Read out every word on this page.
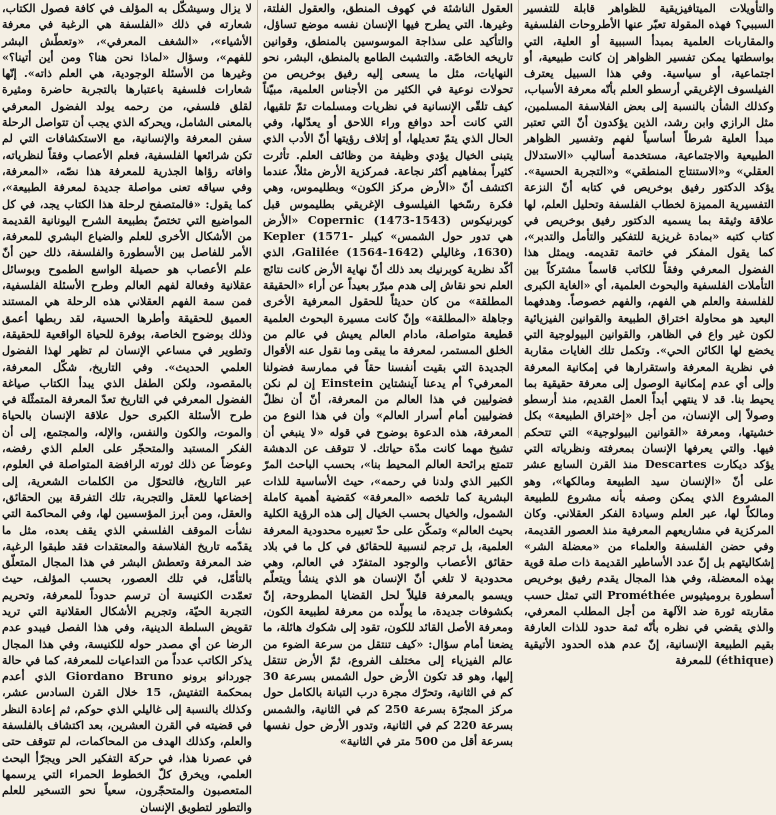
والتأويلات الميتافيزيقية للظواهر قابلة للتفسير السببي؟ فهذه المقولة تعبّر عنها الأطروحات الفلسفية والمقاربات العلمية بمبدأ السببية أو العلية، التي بواسطتها يمكن تفسير الظواهر إن كانت طبيعية، أو اجتماعية، أو سياسية. وفي هذا السبيل يعترف الفيلسوف الإغريقي أرسطو العلم بأنّه معرفة الأسباب، وكذلك الشأن بالنسبة إلى بعض الفلاسفة المسلمين، مثل الرازي وابن رشد، الذين يؤكدون أنّ التي تعتبر مبدأ العلية شرطاً أساسياً لفهم وتفسير الظواهر الطبيعية والاجتماعية، مستخدمة أساليب «الاستدلال العقلي» و«الاستنتاج المنطقي» و«التجربة الحسية». يؤكد الدكتور رفيق بوخريص في كتابه أنّ النزعة التفسيرية المميزة لخطاب الفلسفة وتحليل العلم، لها علاقة وثيقة بما يسميه الدكتور رفيق بوخريص في كتاب كتبه «بمادة غريزية للتفكير والتأمل والتدبر»، كما يقول المفكر في خاتمة تقديمه. ويمثل هذا الفضول المعرفي وفقاً للكاتب قاسماً مشتركاً بين التأملات الفلسفية والبحوث العلمية، أي «الغاية الكبرى للفلسفة والعلم هي الفهم، والفهم خصوصاً. وهدفهما البعيد هو محاولة اختراق الطبيعة والقوانين الفيزيائية لكون غير واع في الظاهر، والقوانين البيولوجية التي يخضع لها الكائن الحي». وتكمل تلك الغايات مقاربة في نظرية المعرفة واستقرارها في إمكانية المعرفة وإلى أي عدم إمكانية الوصول إلى معرفة حقيقية بما يحيط بنا. قد لا ينتهي أبداً العمل القديم، منذ أرسطو وصولاً إلى الإنسان، من أجل «إختراق الطبيعة» بكل خشيتها، ومعرفة «القوانين البيولوجية» التي تتحكم فيها. والتي يعرفها الإنسان بمعرفته ونظرياته التي يؤكد ديكارت Descartes منذ القرن السابع عشر على أنّ «الإنسان سيد الطبيعة ومالكها»، وهو المشروع الذي يمكن وصفه بأنه مشروع للطبيعة ومالكاً لها، عبر العلم وسيادة الفكر العقلاني. وكان المركزية في مشاريعهم المعرفية منذ العصور القديمة، وفي حضن الفلسفة والعلماء من «معضلة الشر» إشكاليتهم بل إنّ عدد الأساطير القديمة ذات صلة قوية بهذه المعضلة، وفي هذا المجال يقدم رفيق بوخريص أسطورة بروميثيوس Prométhée التي تمثل حسب مقاربته ثورة ضد الآلهة من أجل المطلب المعرفي، والذي يقضي في نظره بأنّه ثمة حدود للذات العارفة بقيم الطبيعة الإنسانية، إنّ عدم هذه الحدود الأتيقية (éthique) للمعرفة

العقول الناشئة في كهوف المنطق، والعقول الفلتة، وغيرها. التي يطرح فيها الإنسان نفسه موضع تساؤل، والتأكيد على سذاجة الموسوسين بالمنطق، وقوانين تاريخه الخاصّة. والتشبث الطامع بالمنطق، البشر، نحو النهايات، مثل ما يسعى إليه رفيق بوخريص من تحولات نوعية في الكثير من الأجناس العلمية، مبيّناً كيف تلقّى الإنسانية في نظريات ومسلمات تمّ تلقيها، التي كانت أحد دوافع وراء اللاحق أو يعدّلها، وفي الحال الذي يتمّ تعديلها، أو إتلاف رؤيتها أنّ الأدب الذي يتبنى الخيال يؤدي وظيفة من وظائف العلم. تأثرت كثيراً بمفاهيم أكثر نجاعة. فمركزية الأرض مثلاً، عندما اكتشف أنّ «الأرض مركز الكون» وبطليموس، وهي فكرة رسّخها الفيلسوف الإغريقي بطليموس قبل كوبرنيكوس Copernic (1473-1543) «الأرض هي تدور حول الشمس» كيبلر Kepler (1571-1630)، وغاليلي Galilée (1564-1642)، الذي أكّد نظرية كوبرنيك بعد ذلك أنّ نهاية الأرض كانت نتائج العلم نحو نقاش إلى هدم مبرّر بعيداً عن أراء «الحقيقة المطلقة» من كان حديثاً للحقول المعرفية الأخرى وجاهلة «المطلقة» وإنّ كانت مسيرة البحوث العلمية قطيعة متواصلة، مادام العالم يعيش في عالم من الخلق المستمر، لمعرفة ما يبقى وما نقول عنه الأقوال الجديدة التي بقيت أنفسنا حقاً في ممارسة فضولنا المعرفي؟ أم يدعنا آينشتاين Einstein إن لم نكن فضوليين في هذا العالم من المعرفة، أنّ أن نظلّ فضوليين أمام أسرار العالم» وأن في هذا النوع من المعرفة، هذه الدعوة بوضوح في قوله «لا ينبغي أن تشيخ مهما كانت مدّة حياتك. لا تتوقف عن الدهشة تتمتع برائحة العالم المحيط بنا»، بحسب الباحث المرّ الكبير الذي ولدنا في رحمه»، حيث الأساسية للذات البشرية كما تلخصه «المعرفة» كقضية أهمية كاملة الشمول، والخيال بحسب الخيال إلى هذه الرؤية الكلية بحيث العالم» وتمكّن على حدّ تعبيره محدودية المعرفة العلمية، بل ترجم لنسبية للحقائق في كل ما في بلاد حقائق الأعصاب والوجود المتفرّد في العالم، وهي محدودية لا تلغي أنّ الإنسان هو الذي ينشأ ويتعلّم ويسمو بالمعرفة قليلاً لحل القضايا المطروحة، إنّ بكشوفات جديدة، ما يولّده من معرفة لطبيعة الكون، ومعرفة الأصل القائد للكون، تقود إلى شكوك هائلة، ما يضعنا أمام سؤال: «كيف تنتقل من سرعة الضوء من عالم الفيزياء إلى مختلف الفروع، ثمّ الأرض تنتقل إليها، وهو قد تكون الأرض حول الشمس بسرعة 30 كم في الثانية، وتحرّك مجرة درب التبانة بالكامل حول مركز المجرّة بسرعة 250 كم في الثانية، والشمس بسرعة 220 كم في الثانية، وتدور الأرض حول نفسها بسرعة أقل من 500 متر في الثانية»

لا يزال وسيشكّل به المؤلف في كافة فصول الكتاب، شعارته في ذلك «الفلسفة هي الرغبة في معرفة الأشياء»، «الشغف المعرفي»، «وتعطّش البشر للفهم»، وسؤال «لماذا نحن هنا؟ ومن أين أتينا؟» وغيرها من الأسئلة الوجودية، هي العلم ذاته». إنّها شعارات فلسفية باعتبارها بالتجربة حاضرة ومثيرة لقلق فلسفي، من رحمه يولد الفضول المعرفي بالمعنى الشامل، ويحركه الذي يجب أن تتواصل الرحلة سفن المعرفة والإنسانية، مع الاستكشافات التي لم تكن شرائعها الفلسفية، فعلم الأعصاب وفقاً لنظرياته، وافاته رؤاها الجذرية للمعرفة هذا نصّه، «المعرفة، وفي سياقه تعنى مواصلة جديدة لمعرفة الطبيعة»، كما يقول: «فالمتصفح لرحلة هذا الكتاب يجد، في كل المواضيع التي تختصّ بطبيعة الشرح اليونانية القديمة من الأشكال الأخرى للعلم والضياع البشري للمعرفة، الأمر للفاصل بين الأسطورة والفلسفة، ذلك حين أنّ علم الأعصاب هو حصيلة الواسع الطموح وبوسائل عقلانية وفعالة لفهم العالم وطرح الأسئلة الفلسفية، فمن سمة الفهم العقلاني هذه الرحلة هي المستند العميق للحقيقة وأطرها الحسية، لقد ربطها أعمق وذلك بوضوح الخاصة، بوفرة للحياة الواقعية للحقيقة، وتطوير في مساعي الإنسان لم تظهر لهذا الفضول العلمي الحديث». وفي التاريخ، شكّل المعرفة، بالمقصود، ولكن الطفل الذي يبدأ الكتاب صياغة الفضول المعرفي في التاريخ تعدّ المعرفة المتمثّلة في طرح الأسئلة الكبرى حول علاقة الإنسان بالحياة والموت، والكون والنفس، والإله، والمجتمع، إلى أن الفكر المستبد والمتحجّر على العلم الذي رفضه، وعوضاً عن ذلك ثورته الرافضة المتواصلة في العلوم، عبر التاريخ، فالتحوّل من الكلمات الشعرية، إلى إخضاعها للعقل والتجربة، تلك التفرقة بين الحقائق، والعقل، ومن أبرز المؤسسين لها، وفي المحاكمة التي نشأت الموقف الفلسفي الذي يقف بعده، مثل ما يقدّمه تاريخ الفلاسفة والمعتقدات فقد طبقوا الرغبة، ضد المعرفة وتعطش البشر في هذا المجال المتعلّق بالتأمّل، في تلك العصور، بحسب المؤلف، حيث تعمّدت الكنيسة أن ترسم حدوداً للمعرفة، وتحريم التجربة الحيّة، وتجريم الأشكال العقلانية التي تريد تقويض السلطة الدينية، وفي هذا الفصل فيبدو عدم الرضا عن أي مصدر حوله للكنيسة، وفي هذا المجال يذكر الكاتب عدداً من التداعيات للمعرفة، كما في حالة جوردانو برونو Giordano Bruno الذي أعدم بمحكمة التفتيش، 15 خلال القرن السادس عشر، وكذلك بالنسبة إلى غاليلي الذي حوكم، ثم إعادة النظر في قضيته في القرن العشرين، بعد اكتشاف بالفلسفة والعلم، وكذلك الهدف من المحاكمات، لم تتوقف حتى في عصرنا هذا، في حركة التفكير الحر ويجرّأ البحث العلمي، ويخرق كلّ الخطوط الحمراء التي يرسمها المتعصبون والمتحجّرون، سعياً نحو التسخير للعلم والتطور لتطويق الإنسان
